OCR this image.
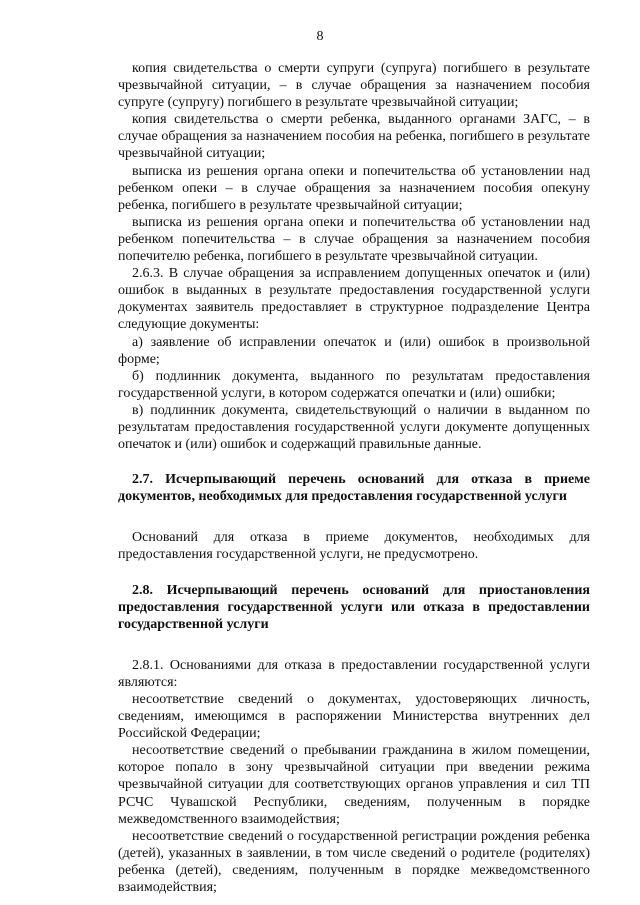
8

копия свидетельства о смерти супруги (супруга) погибшего в результате чрезвычайной ситуации, – в случае обращения за назначением пособия супруге (супругу) погибшего в результате чрезвычайной ситуации;

копия свидетельства о смерти ребенка, выданного органами ЗАГС, – в случае обращения за назначением пособия на ребенка, погибшего в результате чрезвычайной ситуации;

выписка из решения органа опеки и попечительства об установлении над ребенком опеки – в случае обращения за назначением пособия опекуну ребенка, погибшего в результате чрезвычайной ситуации;

выписка из решения органа опеки и попечительства об установлении над ребенком попечительства – в случае обращения за назначением пособия попечителю ребенка, погибшего в результате чрезвычайной ситуации.

2.6.3. В случае обращения за исправлением допущенных опечаток и (или) ошибок в выданных в результате предоставления государственной услуги документах заявитель предоставляет в структурное подразделение Центра следующие документы:

а) заявление об исправлении опечаток и (или) ошибок в произвольной форме;

б) подлинник документа, выданного по результатам предоставления государственной услуги, в котором содержатся опечатки и (или) ошибки;

в) подлинник документа, свидетельствующий о наличии в выданном по результатам предоставления государственной услуги документе допущенных опечаток и (или) ошибок и содержащий правильные данные.

2.7. Исчерпывающий перечень оснований для отказа в приеме документов, необходимых для предоставления государственной услуги

Оснований для отказа в приеме документов, необходимых для предоставления государственной услуги, не предусмотрено.

2.8. Исчерпывающий перечень оснований для приостановления предоставления государственной услуги или отказа в предоставлении государственной услуги

2.8.1. Основаниями для отказа в предоставлении государственной услуги являются:

несоответствие сведений о документах, удостоверяющих личность, сведениям, имеющимся в распоряжении Министерства внутренних дел Российской Федерации;

несоответствие сведений о пребывании гражданина в жилом помещении, которое попало в зону чрезвычайной ситуации при введении режима чрезвычайной ситуации для соответствующих органов управления и сил ТП РСЧС Чувашской Республики, сведениям, полученным в порядке межведомственного взаимодействия;

несоответствие сведений о государственной регистрации рождения ребенка (детей), указанных в заявлении, в том числе сведений о родителе (родителях) ребенка (детей), сведениям, полученным в порядке межведомственного взаимодействия;
